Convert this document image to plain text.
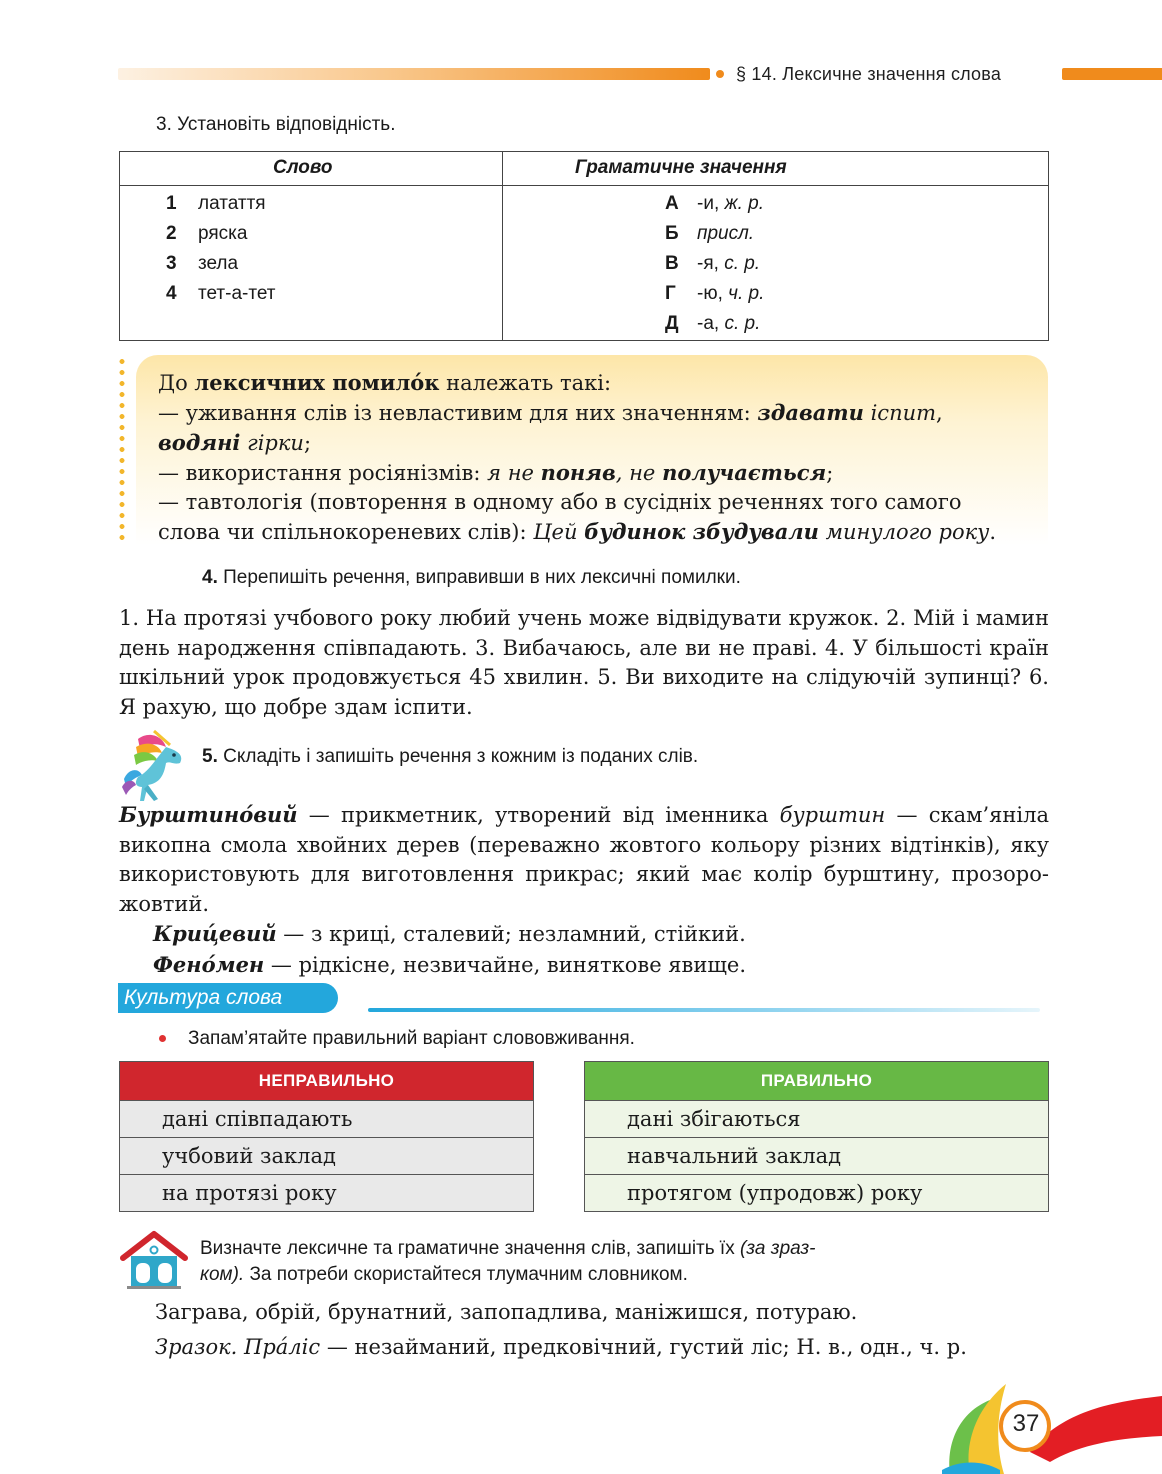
§ 14. Лексичне значення слова
3. Установіть відповідність.
Слово	Граматичне значення
1 латаття
2 ряска
3 зела
4 тет-а-тет
А -и, ж. р.
Б присл.
В -я, с. р.
Г -ю, ч. р.
Д -а, с. р.
До лексичних помило́к належать такі:
— уживання слів із невластивим для них значенням: здавати іспит,
водяні гірки;
— використання росіянізмів: я не поняв, не получається;
— тавтологія (повторення в одному або в сусідніх реченнях того самого
слова чи спільнокореневих слів): Цей будинок збудували минулого року.
4. Перепишіть речення, виправивши в них лексичні помилки.
1. На протязі учбового року любий учень може відвідувати кружок. 2. Мій і мамин день народження співпадають. 3. Вибачаюсь, але ви не праві. 4. У більшості країн шкільний урок продовжується 45 хвилин. 5. Ви виходите на слідуючій зупинці? 6. Я рахую, що добре здам іспити.
5. Складіть і запишіть речення з кожним із поданих слів.
Бурштино́вий — прикметник, утворений від іменника бурштин — скам’яніла викопна смола хвойних дерев (переважно жовтого кольору різних відтінків), яку використовують для виготовлення прикрас; який має колір бурштину, прозоро-жовтий.
Криц́евий — з криці, сталевий; незламний, стійкий.
Фено́мен — рідкісне, незвичайне, виняткове явище.
Культура слова
Запам’ятайте правильний варіант слововживання.
НЕПРАВИЛЬНО
дані співпадають
учбовий заклад
на протязі року
ПРАВИЛЬНО
дані збігаються
навчальний заклад
протягом (упродовж) року
Визначте лексичне та граматичне значення слів, запишіть їх (за зраз-
ком). За потреби скористайтеся тлумачним словником.
Заграва, обрій, брунатний, запопадлива, маніжишся, потураю.
Зразок. Пра́ліс — незайманий, предковічний, густий ліс; Н. в., одн., ч. р.
37
